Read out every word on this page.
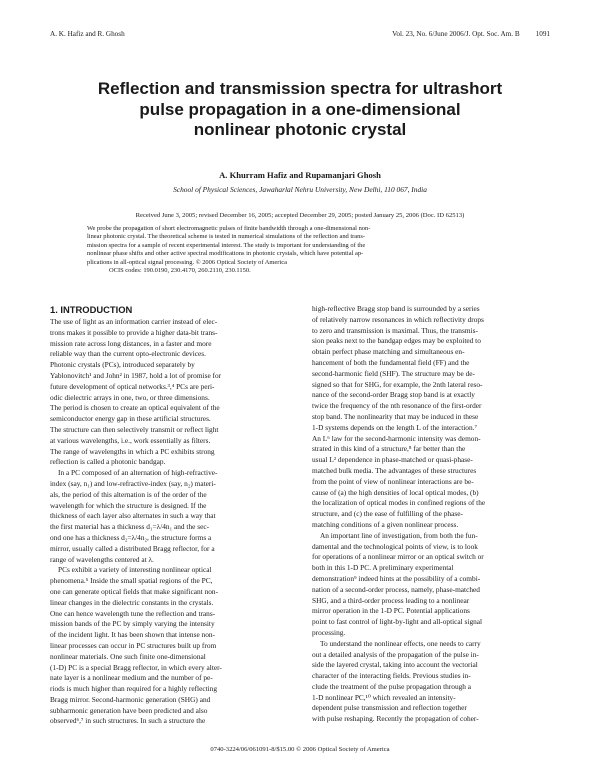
A. K. Hafiz and R. Ghosh	Vol. 23, No. 6/June 2006/J. Opt. Soc. Am. B 1091
Reflection and transmission spectra for ultrashort
pulse propagation in a one-dimensional
nonlinear photonic crystal
A. Khurram Hafiz and Rupamanjari Ghosh
School of Physical Sciences, Jawaharlal Nehru University, New Delhi, 110 067, India
Received June 3, 2005; revised December 16, 2005; accepted December 29, 2005; posted January 25, 2006 (Doc. ID 62513)
We probe the propagation of short electromagnetic pulses of finite bandwidth through a one-dimensional non-
linear photonic crystal. The theoretical scheme is tested in numerical simulations of the reflection and trans-
mission spectra for a sample of recent experimental interest. The study is important for understanding of the
nonlinear phase shifts and other active spectral modifications in photonic crystals, which have potential ap-
plications in all-optical signal processing. © 2006 Optical Society of America
OCIS codes: 190.0190, 230.4170, 260.2110, 230.1150.
1. INTRODUCTION
The use of light as an information carrier instead of elec-
trons makes it possible to provide a higher data-bit trans-
mission rate across long distances, in a faster and more
reliable way than the current opto-electronic devices.
Photonic crystals (PCs), introduced separately by
Yablonovitch¹ and John² in 1987, hold a lot of promise for
future development of optical networks.³,⁴ PCs are peri-
odic dielectric arrays in one, two, or three dimensions.
The period is chosen to create an optical equivalent of the
semiconductor energy gap in these artificial structures.
The structure can then selectively transmit or reflect light
at various wavelengths, i.e., work essentially as filters.
The range of wavelengths in which a PC exhibits strong
reflection is called a photonic bandgap.
In a PC composed of an alternation of high-refractive-
index (say, n₁) and low-refractive-index (say, n₂) materi-
als, the period of this alternation is of the order of the
wavelength for which the structure is designed. If the
thickness of each layer also alternates in such a way that
the first material has a thickness d₁=λ/4n₁ and the sec-
ond one has a thickness d₂=λ/4n₂, the structure forms a
mirror, usually called a distributed Bragg reflector, for a
range of wavelengths centered at λ.
PCs exhibit a variety of interesting nonlinear optical
phenomena.⁵ Inside the small spatial regions of the PC,
one can generate optical fields that make significant non-
linear changes in the dielectric constants in the crystals.
One can hence wavelength tune the reflection and trans-
mission bands of the PC by simply varying the intensity
of the incident light. It has been shown that intense non-
linear processes can occur in PC structures built up from
nonlinear materials. One such finite one-dimensional
(1-D) PC is a special Bragg reflector, in which every alter-
nate layer is a nonlinear medium and the number of pe-
riods is much higher than required for a highly reflecting
Bragg mirror. Second-harmonic generation (SHG) and
subharmonic generation have been predicted and also
observed⁶,⁷ in such structures. In such a structure the
high-reflective Bragg stop band is surrounded by a series
of relatively narrow resonances in which reflectivity drops
to zero and transmission is maximal. Thus, the transmis-
sion peaks next to the bandgap edges may be exploited to
obtain perfect phase matching and simultaneous en-
hancement of both the fundamental field (FF) and the
second-harmonic field (SHF). The structure may be de-
signed so that for SHG, for example, the 2nth lateral reso-
nance of the second-order Bragg stop band is at exactly
twice the frequency of the nth resonance of the first-order
stop band. The nonlinearity that may be induced in these
1-D systems depends on the length L of the interaction.⁷
An L⁶ law for the second-harmonic intensity was demon-
strated in this kind of a structure,⁸ far better than the
usual L² dependence in phase-matched or quasi-phase-
matched bulk media. The advantages of these structures
from the point of view of nonlinear interactions are be-
cause of (a) the high densities of local optical modes, (b)
the localization of optical modes in confined regions of the
structure, and (c) the ease of fulfilling of the phase-
matching conditions of a given nonlinear process.
An important line of investigation, from both the fun-
damental and the technological points of view, is to look
for operations of a nonlinear mirror or an optical switch or
both in this 1-D PC. A preliminary experimental
demonstration⁹ indeed hints at the possibility of a combi-
nation of a second-order process, namely, phase-matched
SHG, and a third-order process leading to a nonlinear
mirror operation in the 1-D PC. Potential applications
point to fast control of light-by-light and all-optical signal
processing.
To understand the nonlinear effects, one needs to carry
out a detailed analysis of the propagation of the pulse in-
side the layered crystal, taking into account the vectorial
character of the interacting fields. Previous studies in-
clude the treatment of the pulse propagation through a
1-D nonlinear PC,¹⁰ which revealed an intensity-
dependent pulse transmission and reflection together
with pulse reshaping. Recently the propagation of coher-
0740-3224/06/061091-8/$15.00 © 2006 Optical Society of America
